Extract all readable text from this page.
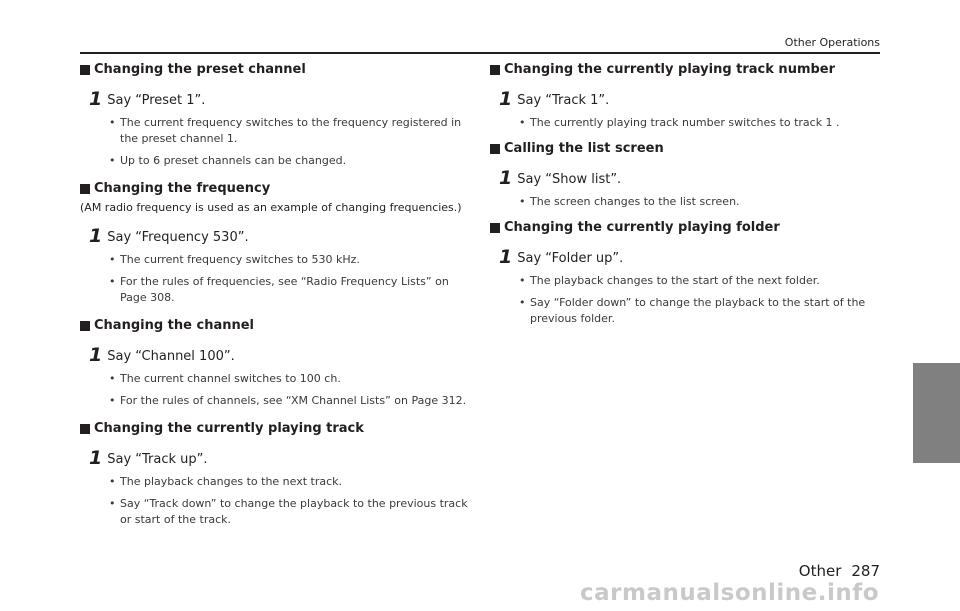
Other Operations
Changing the preset channel
1 Say “Preset 1”.
• The current frequency switches to the frequency registered in the preset channel 1.
• Up to 6 preset channels can be changed.
Changing the frequency
(AM radio frequency is used as an example of changing frequencies.)
1 Say “Frequency 530”.
• The current frequency switches to 530 kHz.
• For the rules of frequencies, see “Radio Frequency Lists” on Page 308.
Changing the channel
1 Say “Channel 100”.
• The current channel switches to 100 ch.
• For the rules of channels, see “XM Channel Lists” on Page 312.
Changing the currently playing track
1 Say “Track up”.
• The playback changes to the next track.
• Say “Track down” to change the playback to the previous track or start of the track.
Changing the currently playing track number
1 Say “Track 1”.
• The currently playing track number switches to track 1 .
Calling the list screen
1 Say “Show list”.
• The screen changes to the list screen.
Changing the currently playing folder
1 Say “Folder up”.
• The playback changes to the start of the next folder.
• Say “Folder down” to change the playback to the start of the previous folder.
Other 287
carmanualsonline.info
